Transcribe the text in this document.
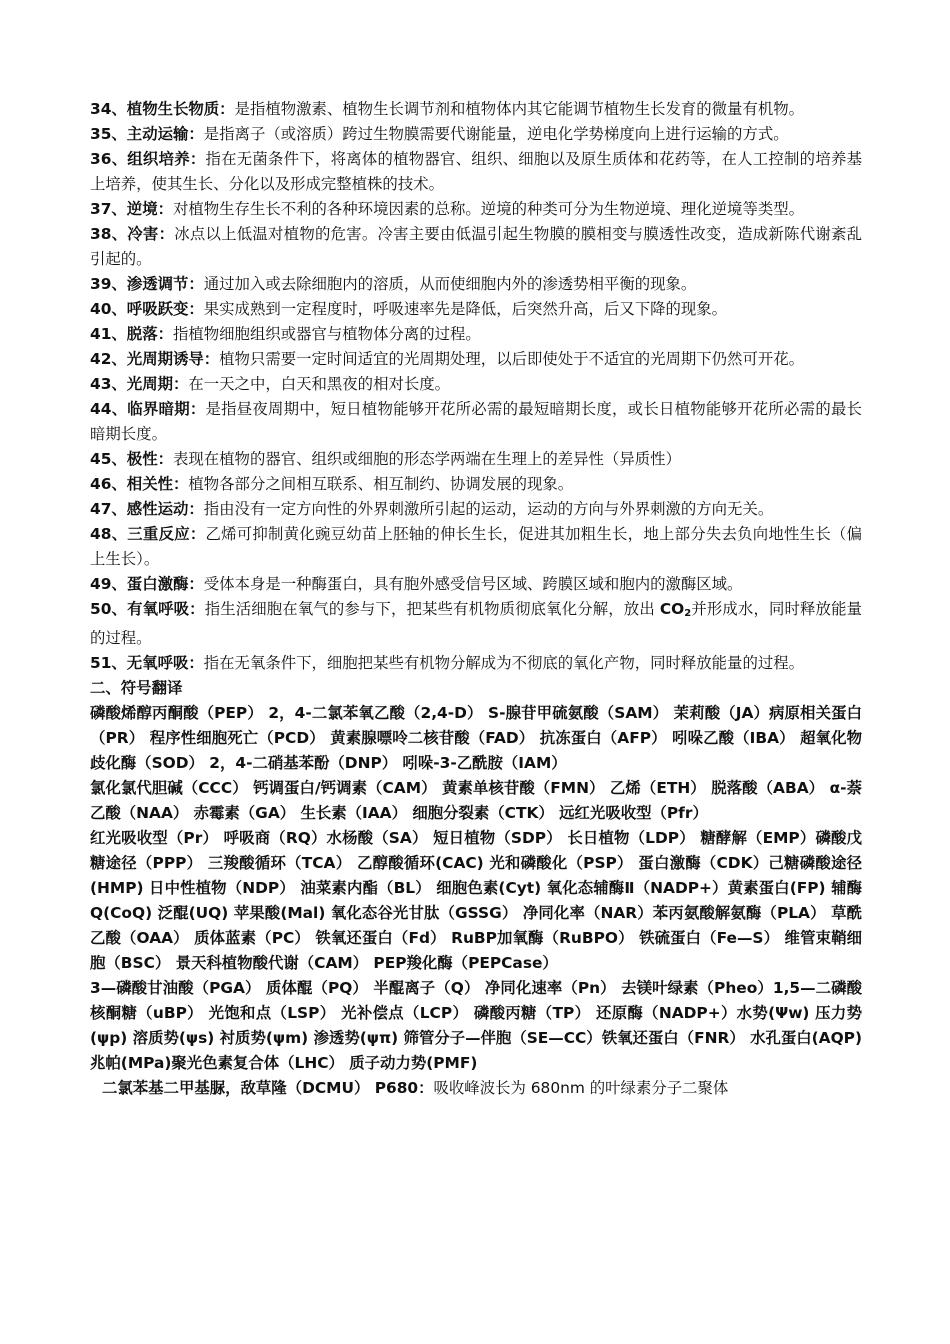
34、植物生长物质：是指植物激素、植物生长调节剂和植物体内其它能调节植物生长发育的微量有机物。

35、主动运输：是指离子（或溶质）跨过生物膜需要代谢能量，逆电化学势梯度向上进行运输的方式。

36、组织培养：指在无菌条件下，将离体的植物器官、组织、细胞以及原生质体和花药等，在人工控制的培养基上培养，使其生长、分化以及形成完整植株的技术。

37、逆境：对植物生存生长不利的各种环境因素的总称。逆境的种类可分为生物逆境、理化逆境等类型。

38、冷害：冰点以上低温对植物的危害。冷害主要由低温引起生物膜的膜相变与膜透性改变，造成新陈代谢紊乱引起的。

39、渗透调节：通过加入或去除细胞内的溶质，从而使细胞内外的渗透势相平衡的现象。

40、呼吸跃变：果实成熟到一定程度时，呼吸速率先是降低，后突然升高，后又下降的现象。

41、脱落：指植物细胞组织或器官与植物体分离的过程。

42、光周期诱导：植物只需要一定时间适宜的光周期处理，以后即使处于不适宜的光周期下仍然可开花。

43、光周期：在一天之中，白天和黑夜的相对长度。

44、临界暗期：是指昼夜周期中，短日植物能够开花所必需的最短暗期长度，或长日植物能够开花所必需的最长暗期长度。

45、极性：表现在植物的器官、组织或细胞的形态学两端在生理上的差异性（异质性）

46、相关性：植物各部分之间相互联系、相互制约、协调发展的现象。

47、感性运动：指由没有一定方向性的外界刺激所引起的运动，运动的方向与外界刺激的方向无关。

48、三重反应：乙烯可抑制黄化豌豆幼苗上胚轴的伸长生长，促进其加粗生长，地上部分失去负向地性生长（偏上生长）。

49、蛋白激酶：受体本身是一种酶蛋白，具有胞外感受信号区域、跨膜区域和胞内的激酶区域。

50、有氧呼吸：指生活细胞在氧气的参与下，把某些有机物质彻底氧化分解，放出 $CO_2$并形成水，同时释放能量的过程。

51、无氧呼吸：指在无氧条件下，细胞把某些有机物分解成为不彻底的氧化产物，同时释放能量的过程。

二、符号翻译

磷酸烯醇丙酮酸（PEP） 2，4-二氯苯氧乙酸（2,4-D） S-腺苷甲硫氨酸（SAM） 茉莉酸（JA）病原相关蛋白（PR） 程序性细胞死亡（PCD） 黄素腺嘌呤二核苷酸（FAD） 抗冻蛋白（AFP） 吲哚乙酸（IBA） 超氧化物歧化酶（SOD） 2，4-二硝基苯酚（DNP） 吲哚-3-乙酰胺（IAM）

氯化氯代胆碱（CCC） 钙调蛋白/钙调素（CAM） 黄素单核苷酸（FMN） 乙烯（ETH） 脱落酸（ABA） α-萘乙酸（NAA） 赤霉素（GA） 生长素（IAA） 细胞分裂素（CTK） 远红光吸收型（Pfr）

红光吸收型（Pr） 呼吸商（RQ）水杨酸（SA） 短日植物（SDP） 长日植物（LDP） 糖酵解（EMP）磷酸戊糖途径（PPP） 三羧酸循环（TCA） 乙醇酸循环(CAC) 光和磷酸化（PSP） 蛋白激酶（CDK）己糖磷酸途径(HMP) 日中性植物（NDP） 油菜素内酯（BL） 细胞色素(Cyt) 氧化态辅酶Ⅱ（NADP+）黄素蛋白(FP) 辅酶Q(CoQ) 泛醌(UQ) 苹果酸(Mal) 氧化态谷光甘肽（GSSG） 净同化率（NAR）苯丙氨酸解氨酶（PLA） 草酰乙酸（OAA） 质体蓝素（PC） 铁氧还蛋白（Fd） RuBP加氧酶（RuBPO） 铁硫蛋白（Fe—S） 维管束鞘细胞（BSC） 景天科植物酸代谢（CAM） PEP羧化酶（PEPCase）

3—磷酸甘油酸（PGA） 质体醌（PQ） 半醌离子（Q） 净同化速率（Pn） 去镁叶绿素（Pheo）1,5—二磷酸核酮糖（uBP） 光饱和点（LSP） 光补偿点（LCP） 磷酸丙糖（TP） 还原酶（NADP+）水势(Ψw) 压力势(ψp) 溶质势(ψs) 衬质势(ψm) 渗透势(ψπ) 筛管分子—伴胞（SE—CC）铁氧还蛋白（FNR） 水孔蛋白(AQP) 兆帕(MPa)聚光色素复合体（LHC） 质子动力势(PMF)

二氯苯基二甲基脲，敌草隆（DCMU） P680：吸收峰波长为 680nm 的叶绿素分子二聚体
